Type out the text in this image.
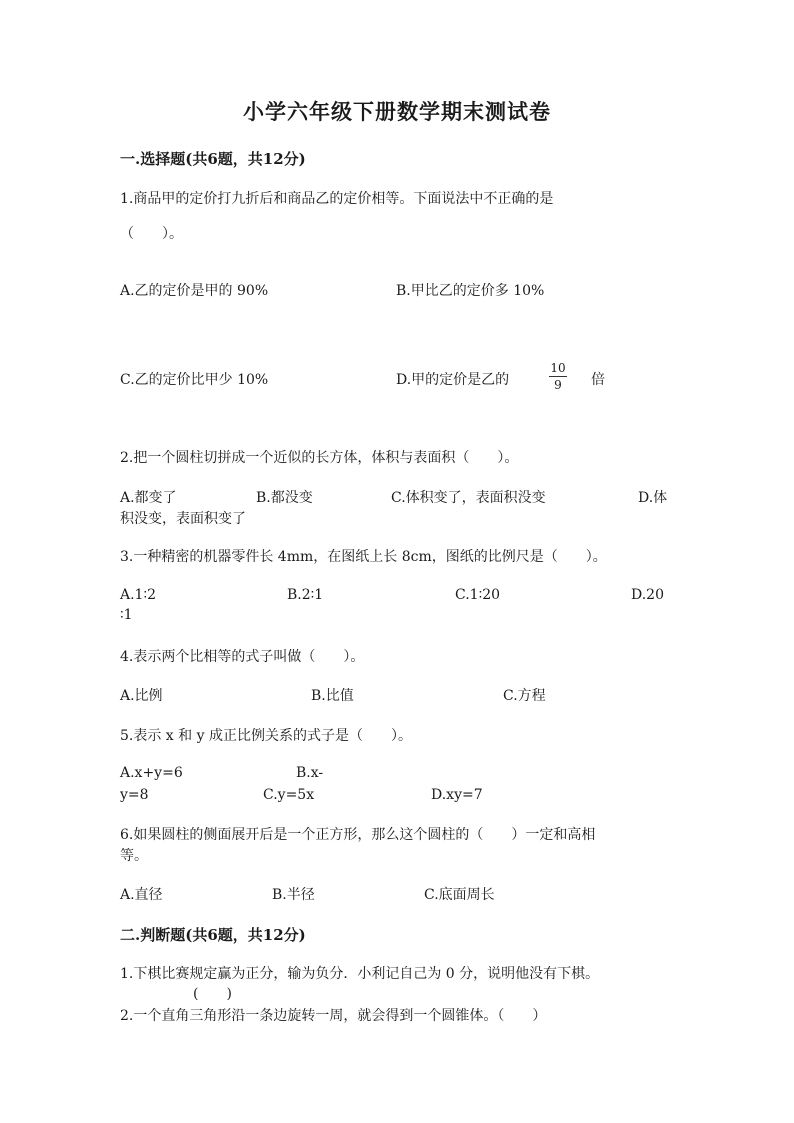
小学六年级下册数学期末测试卷
一.选择题(共6题，共12分)
1.商品甲的定价打九折后和商品乙的定价相等。下面说法中不正确的是
（　　）。
A.乙的定价是甲的 90%	B.甲比乙的定价多 10%
C.乙的定价比甲少 10%	D.甲的定价是乙的
10
9	倍
2.把一个圆柱切拼成一个近似的长方体，体积与表面积（　　）。
A.都变了	B.都没变	C.体积变了，表面积没变	D.体
积没变，表面积变了
3.一种精密的机器零件长 4mm，在图纸上长 8cm，图纸的比例尺是（　　）。
A.1∶2	B.2∶1	C.1∶20	D.20
∶1
4.表示两个比相等的式子叫做（　　）。
A.比例	B.比值	C.方程
5.表示 x 和 y 成正比例关系的式子是（　　）。
A.x+y=6	B.x-
y=8	C.y=5x	D.xy=7
6.如果圆柱的侧面展开后是一个正方形，那么这个圆柱的（　　）一定和高相
等。
A.直径	B.半径	C.底面周长
二.判断题(共6题，共12分)
1.下棋比赛规定赢为正分，输为负分．小利记自己为 0 分，说明他没有下棋。
(　　)
2.一个直角三角形沿一条边旋转一周，就会得到一个圆锥体。（　　）
